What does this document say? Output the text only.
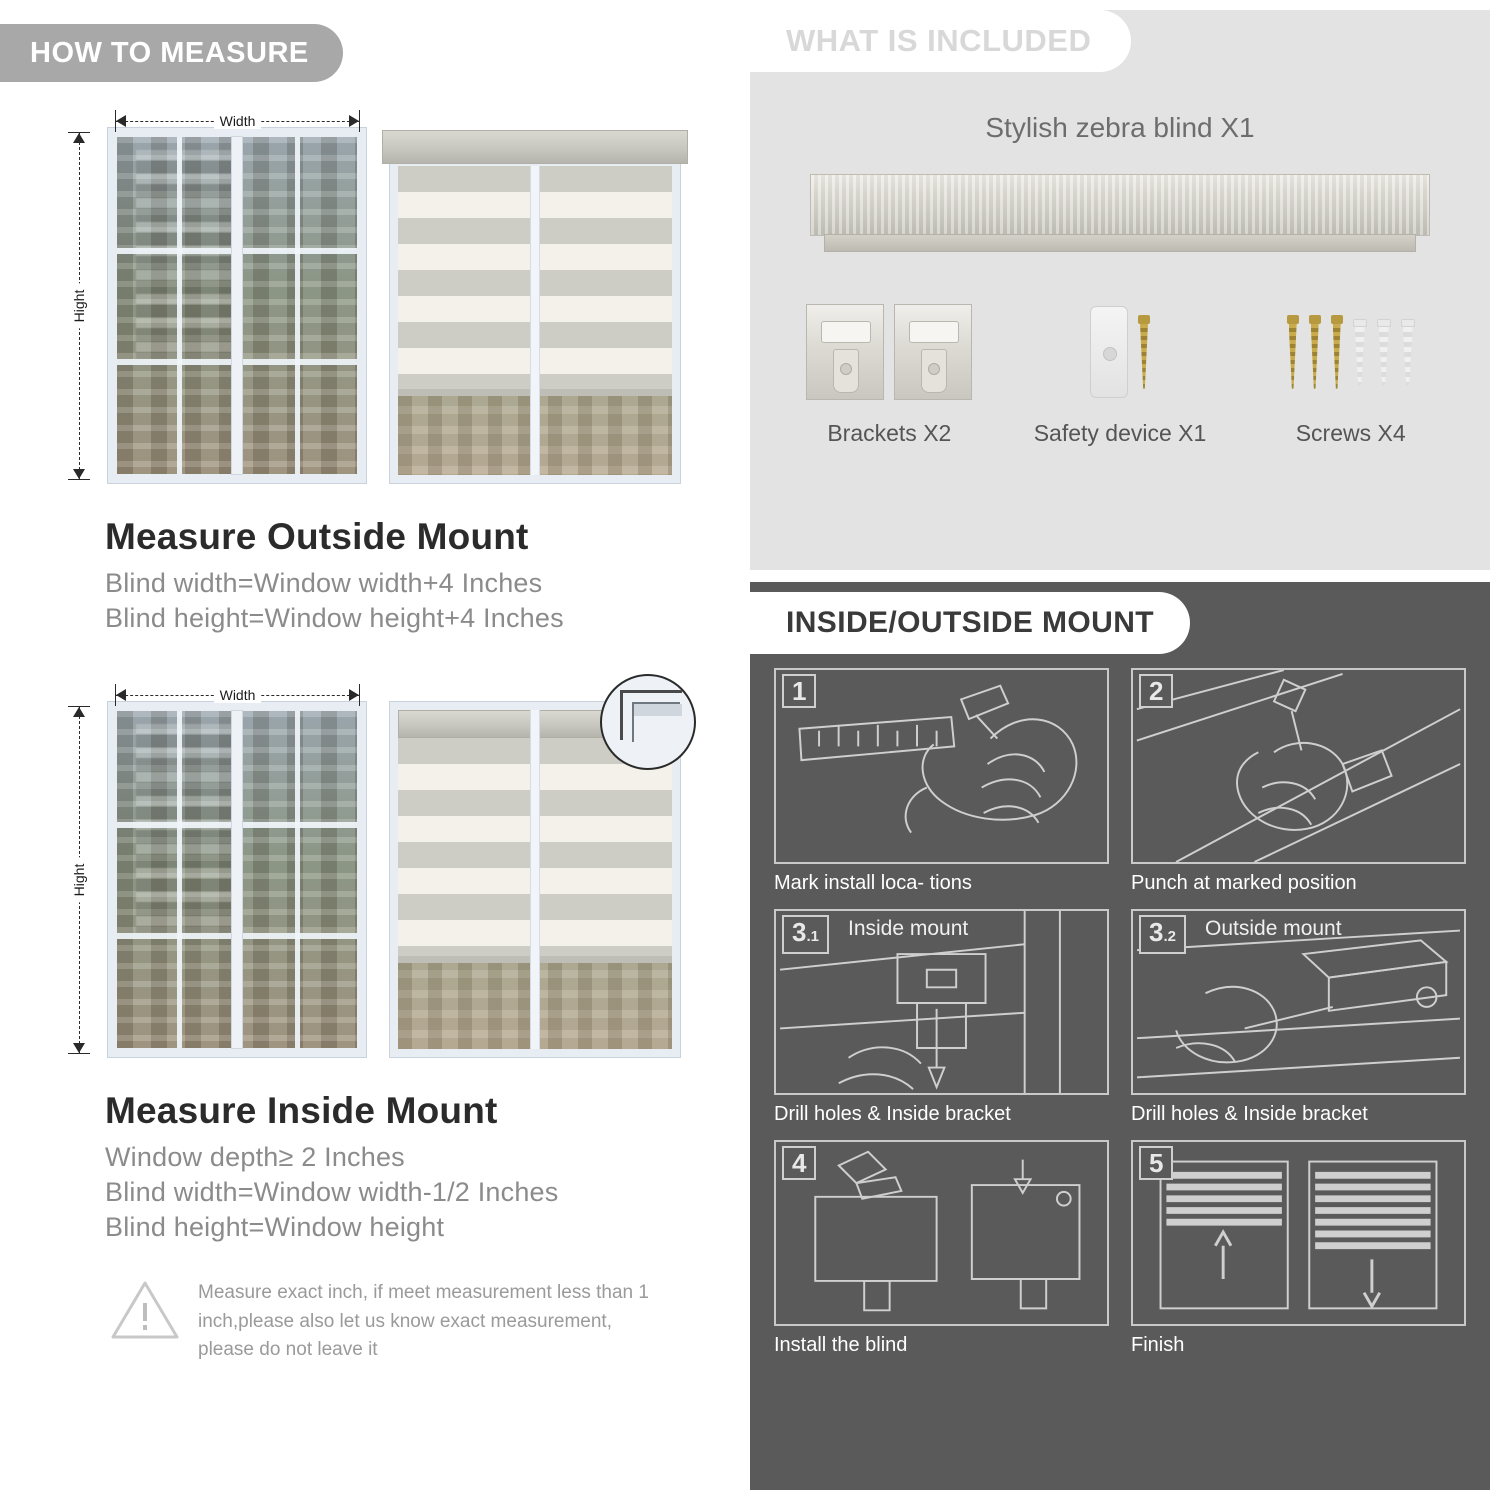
HOW TO MEASURE
Width
Hight
Measure Outside Mount
Blind width=Window width+4 Inches
Blind height=Window height+4 Inches
Width
Hight
Measure Inside Mount
Window depth≥ 2 Inches
Blind width=Window width-1/2 Inches
Blind height=Window height
Measure exact inch, if meet measurement less than 1 inch,please also let us know exact measurement, please do not leave it
WHAT IS INCLUDED
Stylish zebra blind X1
Brackets X2	Safety device X1	Screws X4
INSIDE/OUTSIDE MOUNT
1
Mark install loca- tions
2
Punch at marked position
3.1	Inside mount
Drill holes & Inside bracket
3.2	Outside mount
Drill holes & Inside bracket
4
Install the blind
5
Finish
